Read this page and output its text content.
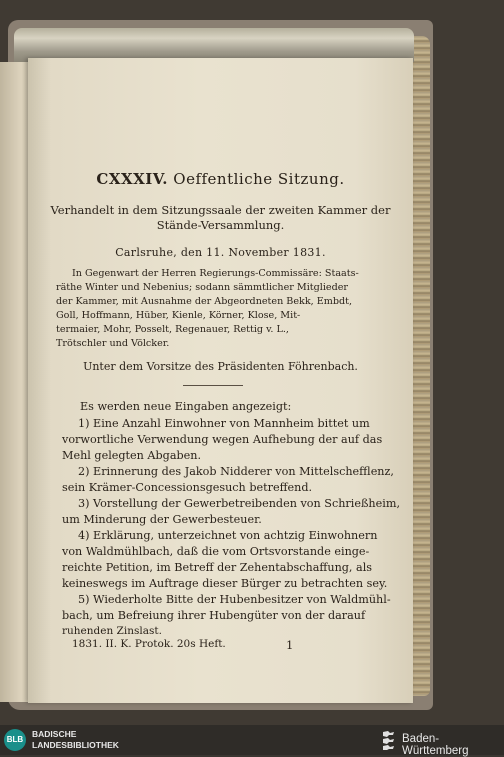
CXXXIV. Oeffentliche Sitzung.
Verhandelt in dem Sitzungssaale der zweiten Kammer der
Stände-Versammlung.
Carlsruhe, den 11. November 1831.
In Gegenwart der Herren Regierungs-Commissäre: Staats-
räthe Winter und Nebenius; sodann sämmtlicher Mitglieder
der Kammer, mit Ausnahme der Abgeordneten Bekk, Embdt,
Goll, Hoffmann, Hüber, Kienle, Körner, Klose, Mit-
termaier, Mohr, Posselt, Regenauer, Rettig v. L.,
Trötschler und Völcker.
Unter dem Vorsitze des Präsidenten Föhrenbach.
Es werden neue Eingaben angezeigt:
1) Eine Anzahl Einwohner von Mannheim bittet um
vorwortliche Verwendung wegen Aufhebung der auf das
Mehl gelegten Abgaben.
2) Erinnerung des Jakob Nidderer von Mittelschefflenz,
sein Krämer-Concessionsgesuch betreffend.
3) Vorstellung der Gewerbetreibenden von Schrießheim,
um Minderung der Gewerbesteuer.
4) Erklärung, unterzeichnet von achtzig Einwohnern
von Waldmühlbach, daß die vom Ortsvorstande einge-
reichte Petition, im Betreff der Zehentabschaffung, als
keineswegs im Auftrage dieser Bürger zu betrachten sey.
5) Wiederholte Bitte der Hubenbesitzer von Waldmühl-
bach, um Befreiung ihrer Hubengüter von der darauf
ruhenden Zinslast.
1831. II. K. Protok. 20s Heft.	1
BLB
BADISCHE
LANDESBIBLIOTHEK	Baden-Württemberg
